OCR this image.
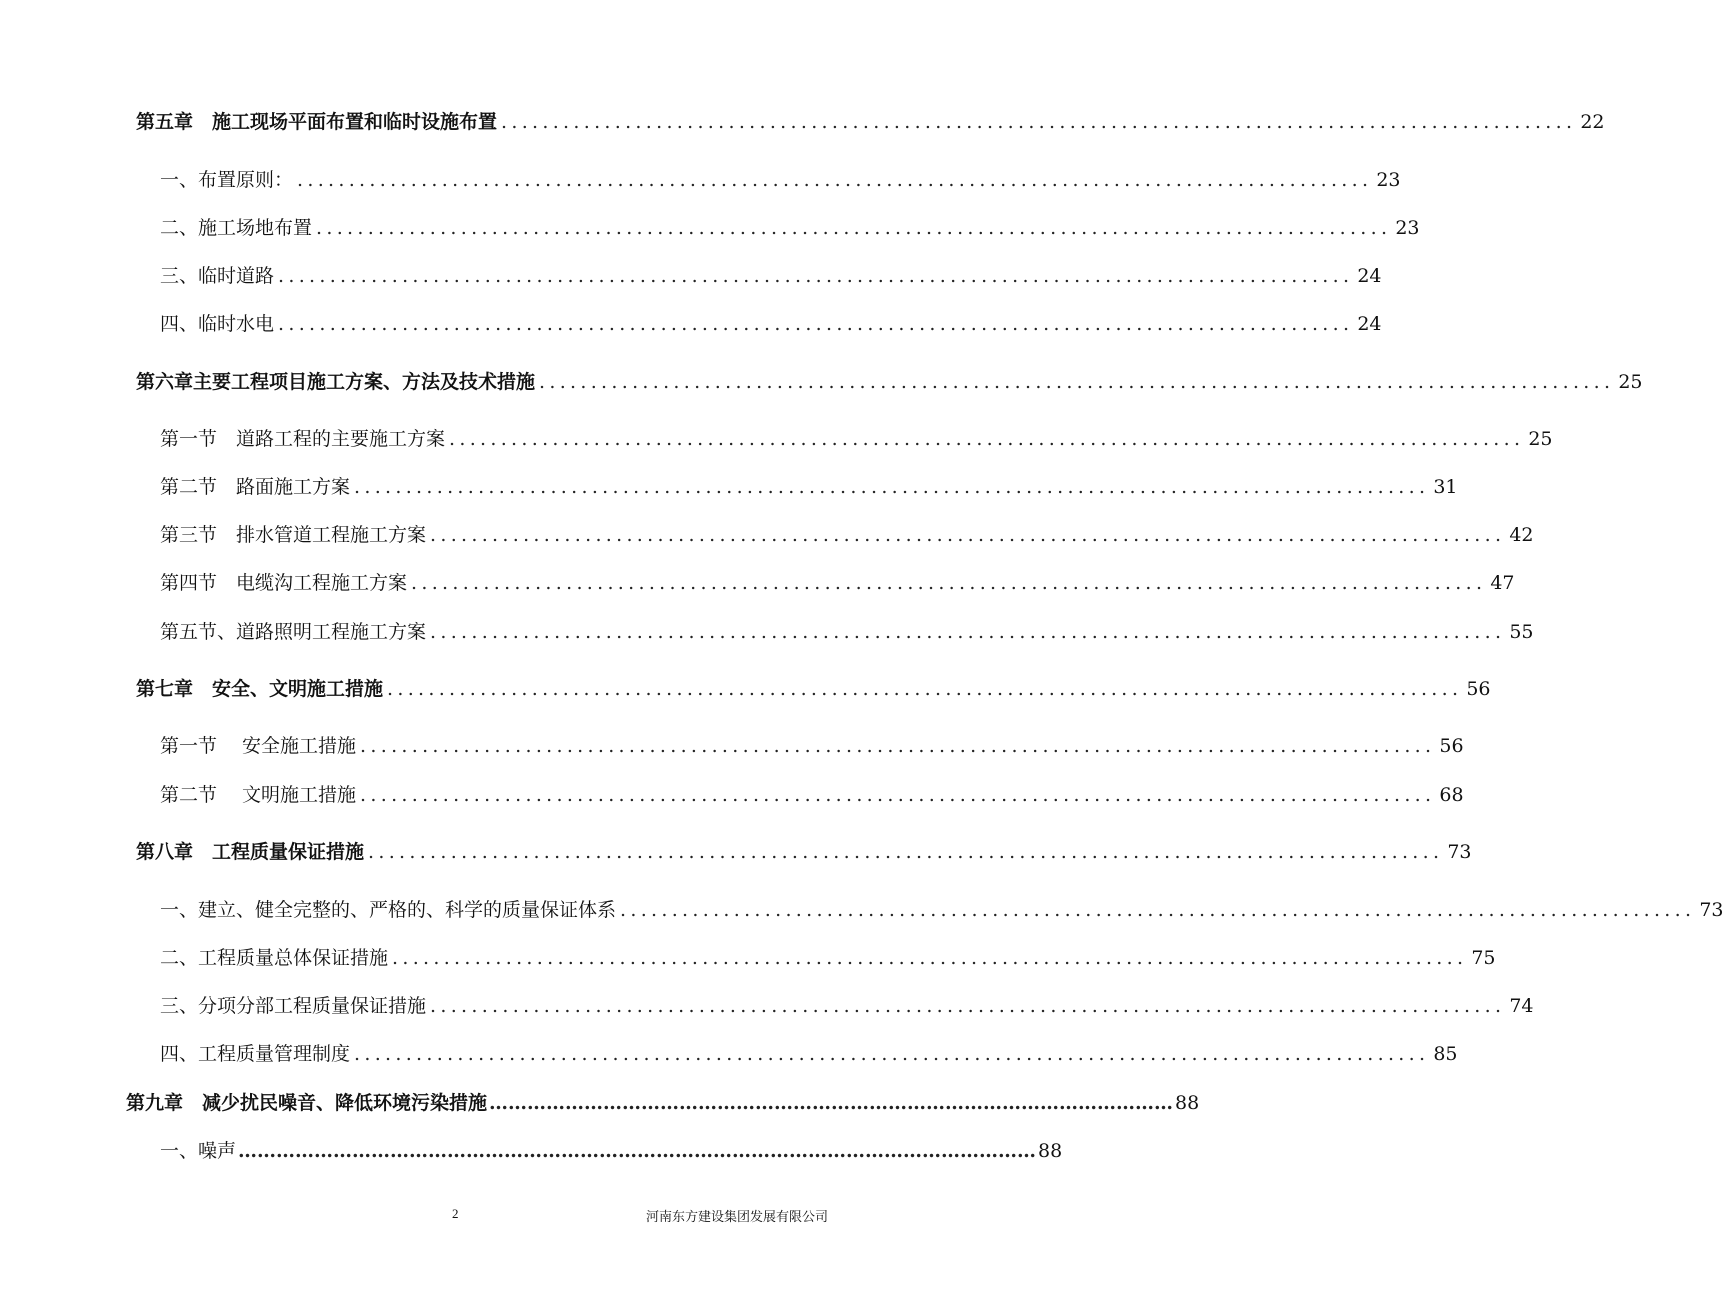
第五章　施工现场平面布置和临时设施布置 ........................................................................................................ 22
一、布置原则： ........................................................................................................ 23
二、施工场地布置 ........................................................................................................ 23
三、临时道路 ........................................................................................................ 24
四、临时水电 ........................................................................................................ 24
第六章主要工程项目施工方案、方法及技术措施 ........................................................................................................ 25
第一节　道路工程的主要施工方案 ........................................................................................................ 25
第二节　路面施工方案 ........................................................................................................ 31
第三节　排水管道工程施工方案 ........................................................................................................ 42
第四节　电缆沟工程施工方案 ........................................................................................................ 47
第五节、道路照明工程施工方案 ........................................................................................................ 55
第七章　安全、文明施工措施 ........................................................................................................ 56
第一节　 安全施工措施 ........................................................................................................ 56
第二节　 文明施工措施 ........................................................................................................ 68
第八章　工程质量保证措施 ........................................................................................................ 73
一、建立、健全完整的、严格的、科学的质量保证体系 ........................................................................................................ 73
二、工程质量总体保证措施 ........................................................................................................ 75
三、分项分部工程质量保证措施 ........................................................................................................ 74
四、工程质量管理制度 ........................................................................................................ 85
第九章　减少扰民噪音、降低环境污染措施 ……………………………………………………………………………………………… 88
一、噪声 ……………………………………………………………………………………………………………… 88
2	河南东方建设集团发展有限公司
